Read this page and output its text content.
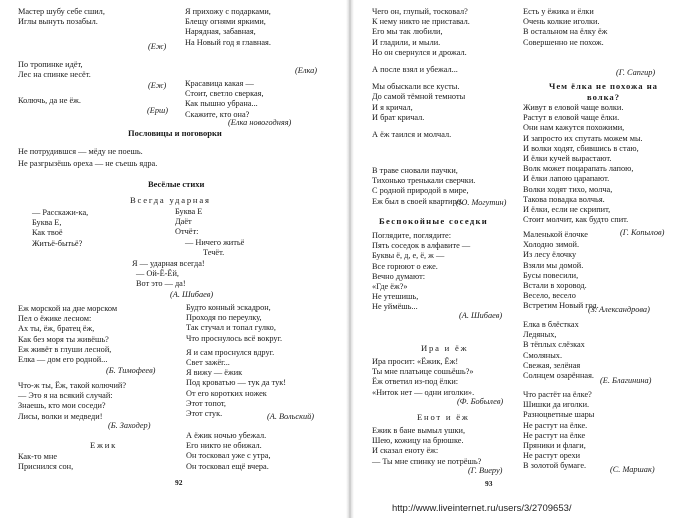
Мастер шубу себе сшил,
Иглы вынуть позабыл.
(Еж)
По тропинке идёт,
Лес на спинке несёт.
(Еж)
Колючь, да не ёж.
(Ерш)
Я прихожу с подарками,
Блещу огнями яркими,
Нарядная, забавная,
На Новый год я главная.
(Елка)
Красавица какая —
Стоит, светло сверкая,
Как пышно убрана...
Скажите, кто она?
(Елка новогодняя)
Пословицы и поговорки
Не потрудившся — мёду не поешь.
Не разгрызёшь ореха — не съешь ядра.
Весёлые стихи
Всегда ударная
— Расскажи-ка,
Буква Е,
Как твоё
Житьё-бытьё?
Буква Е
Даёт
Отчёт:
— Ничего житьё
Течёт.
Я — ударная всегда!
— Ой-Ё-Ёй,
Вот это — да!
(А. Шибаев)
Еж морской на дне морском
Пел о ёжике лесном:
Ах ты, ёж, братец ёж,
Как без моря ты живёшь?
Еж живёт в глуши лесной,
Елка — дом его родной...
(Б. Тимофеев)
Что-ж ты, Ёж, такой колючий?
— Это я на всякий случай:
Знаешь, кто мои соседи?
Лисы, волки и медведи!
(Б. Заходер)
Будто конный эскадрон,
Проходя по переулку,
Так стучал и топал гулко,
Что проснулось всё вокруг.
Я и сам проснулся вдруг.
Свет зажёг...
Я вижу — ёжик
Под кроватью — тук да тук!
От его коротких ножек
Этот топот,
Этот стук.	(А. Вольский)
Ежик
Как-то мне
Приснился сон,
А ёжик ночью убежал.
Его никто не обижал.
Он тосковал уже с утра,
Он тосковал ещё вчера.
92
Чего он, глупый, тосковал?
К нему никто не приставал.
Его мы так любили,
И гладили, и мыли.
Но он свернулся и дрожал.
А после взял и убежал...
Мы обыскали все кусты.
До самой тёмной темноты
И я кричал,
И брат кричал.
А ёж таился и молчал.
В траве сновали паучки,
Тихонько тренькали сверчки.
С родной природой в мире,
Еж был в своей квартире.
(Ю. Могутин)
Беспокойные соседки
Поглядите, поглядите:
Пять соседок в алфавите —
Буквы ё, д, е, ё, ж —
Все горюют о еже.
Вечно думают:
«Где ёж?»
Не утешишь,
Не уймёшь...
(А. Шибаев)
Ира и ёж
Ира просит: «Ёжик, Ёж!
Ты мне платьице сошьёшь?»
Ёж ответил из-под ёлки:
«Ниток нет — одни иголки».
(Ф. Бобылев)
Енот и ёж
Ежик в бане вымыл ушки,
Шею, кожицу на брюшке.
И сказал еноту ёж:
— Ты мне спинку не потрёшь?
(Г. Виеру)
93
Есть у ёжика и ёлки
Очень колкие иголки.
В остальном на ёлку ёж
Совершенно не похож.
(Г. Сапгир)
Чем ёлка не похожа на волка?
Живут в еловой чаще волки.
Растут в еловой чаще ёлки.
Они нам кажутся похожими,
И запросто их спутать можем мы.
И волки ходят, сбившись в стаю,
И ёлки кучей вырастают.
Волк может поцарапать лапою,
И ёлки лапою царапают.
Волки ходят тихо, молча,
Такова повадка волчья.
И ёлки, если не скрипит,
Стоит молчит, как будто спит.
(Г. Копылов)
Маленькой ёлочке
Холодно зимой.
Из лесу ёлочку
Взяли мы домой.
Бусы повесили,
Встали в хоровод.
Весело, весело
Встретим Новый год.
(З. Александрова)
Елка в блёстках
Ледяных,
В тёплых слёзках
Смоляных.
Свежая, зелёная
Солнцем озарённая.
(Е. Благинина)
Что растёт на ёлке?
Шишки да иголки.
Разноцветные шары
Не растут на ёлке.
Не растут на ёлке
Пряники и флаги,
Не растут орехи
В золотой бумаге.	(С. Маршак)
http://www.liveinternet.ru/users/3/2709653/
